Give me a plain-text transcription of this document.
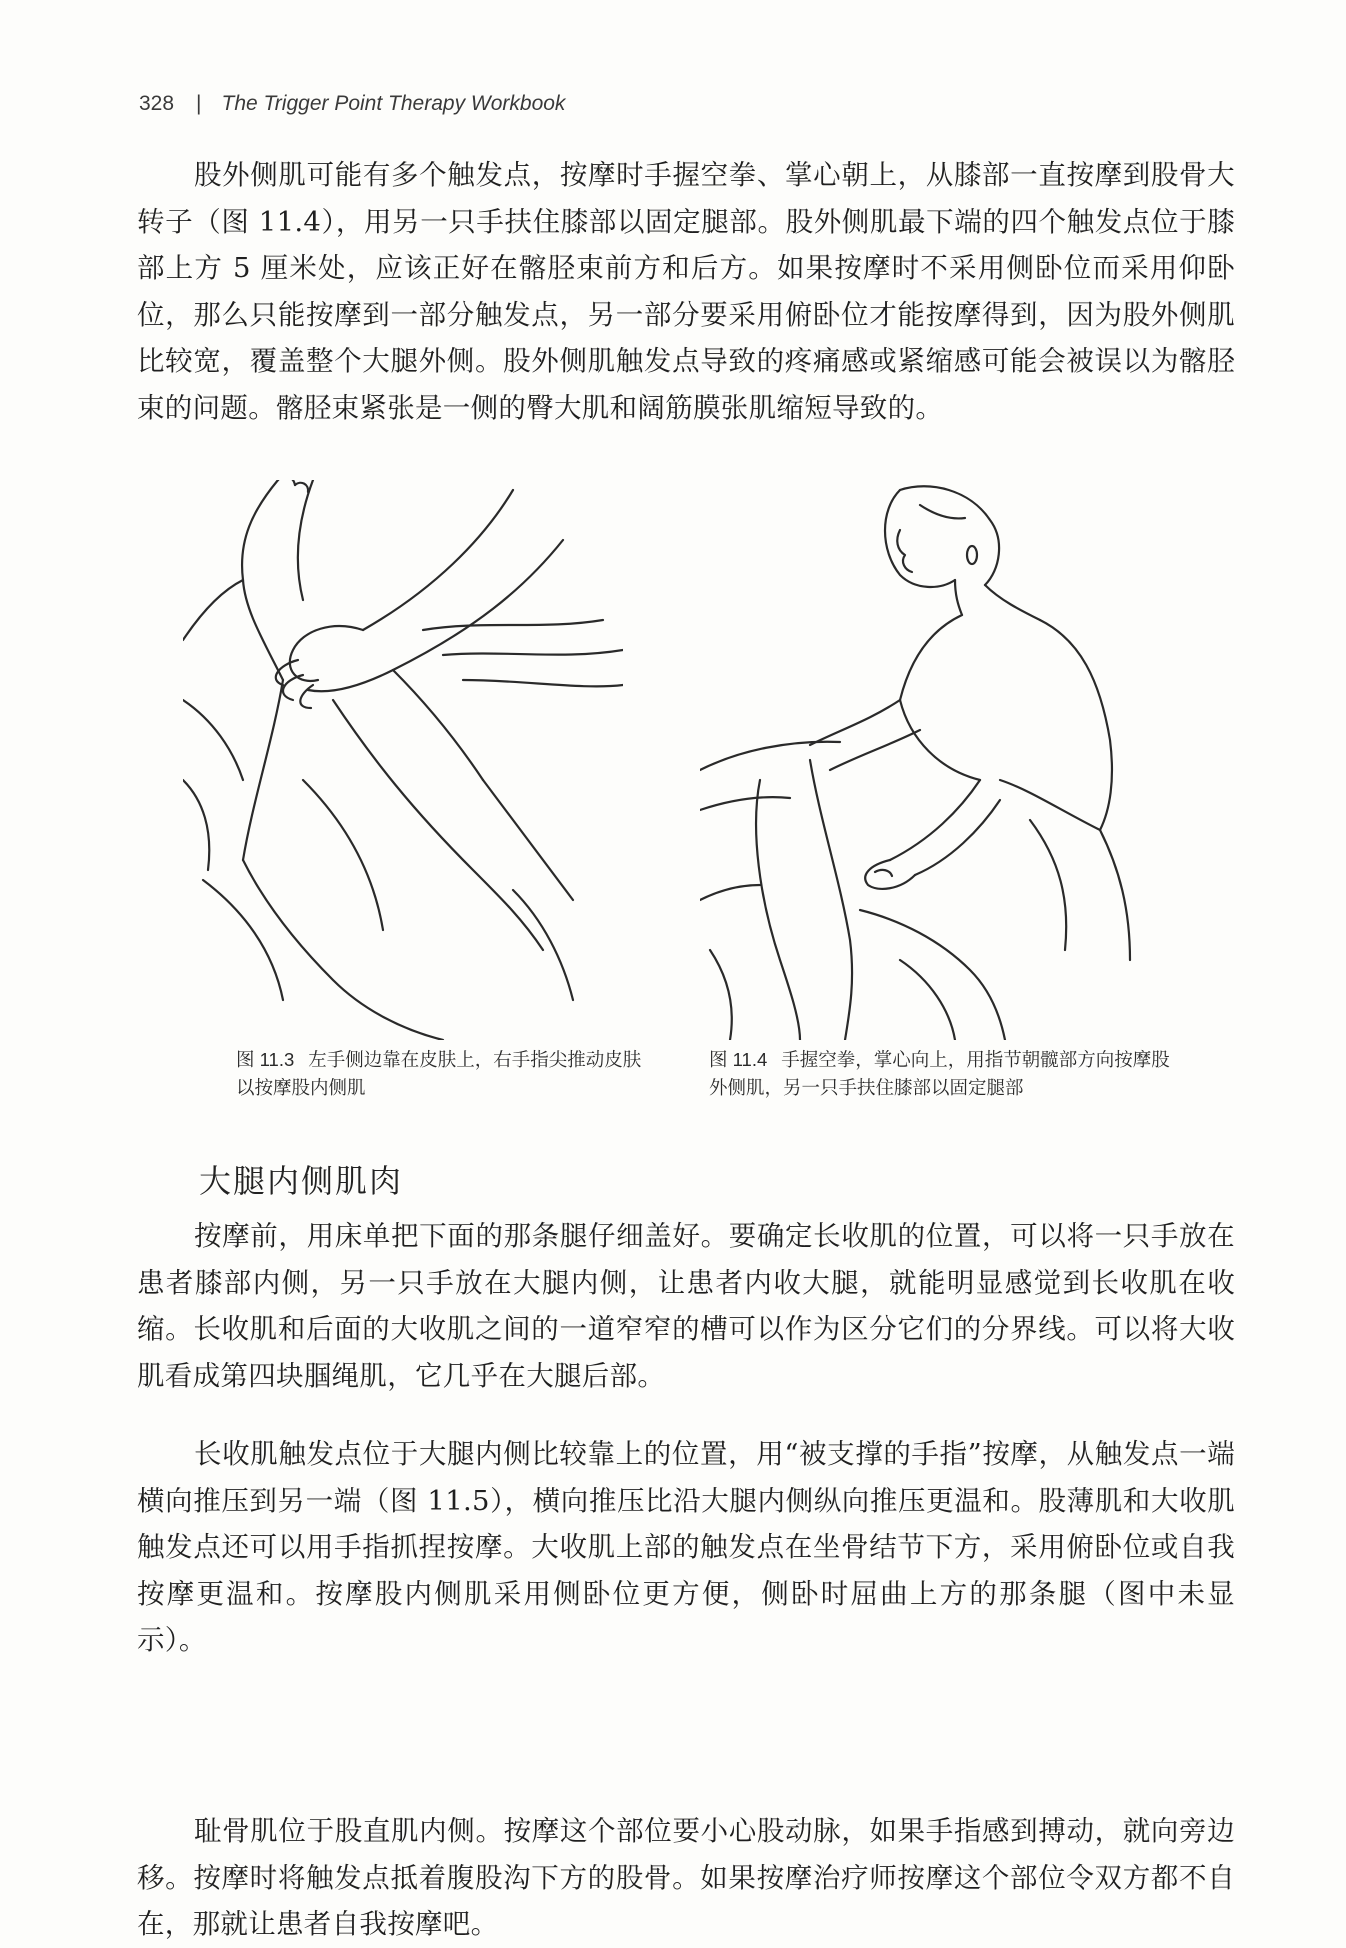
328 | The Trigger Point Therapy Workbook

股外侧肌可能有多个触发点，按摩时手握空拳、掌心朝上，从膝部一直按摩到股骨大转子（图 11.4），用另一只手扶住膝部以固定腿部。股外侧肌最下端的四个触发点位于膝部上方 5 厘米处，应该正好在髂胫束前方和后方。如果按摩时不采用侧卧位而采用仰卧位，那么只能按摩到一部分触发点，另一部分要采用俯卧位才能按摩得到，因为股外侧肌比较宽，覆盖整个大腿外侧。股外侧肌触发点导致的疼痛感或紧缩感可能会被误以为髂胫束的问题。髂胫束紧张是一侧的臀大肌和阔筋膜张肌缩短导致的。

图 11.3 左手侧边靠在皮肤上，右手指尖推动皮肤以按摩股内侧肌
图 11.4 手握空拳，掌心向上，用指节朝髋部方向按摩股外侧肌，另一只手扶住膝部以固定腿部
大腿内侧肌肉

按摩前，用床单把下面的那条腿仔细盖好。要确定长收肌的位置，可以将一只手放在患者膝部内侧，另一只手放在大腿内侧，让患者内收大腿，就能明显感觉到长收肌在收缩。长收肌和后面的大收肌之间的一道窄窄的槽可以作为区分它们的分界线。可以将大收肌看成第四块腘绳肌，它几乎在大腿后部。

长收肌触发点位于大腿内侧比较靠上的位置，用“被支撑的手指”按摩，从触发点一端横向推压到另一端（图 11.5），横向推压比沿大腿内侧纵向推压更温和。股薄肌和大收肌触发点还可以用手指抓捏按摩。大收肌上部的触发点在坐骨结节下方，采用俯卧位或自我按摩更温和。按摩股内侧肌采用侧卧位更方便，侧卧时屈曲上方的那条腿（图中未显示）。

耻骨肌位于股直肌内侧。按摩这个部位要小心股动脉，如果手指感到搏动，就向旁边移。按摩时将触发点抵着腹股沟下方的股骨。如果按摩治疗师按摩这个部位令双方都不自在，那就让患者自我按摩吧。
